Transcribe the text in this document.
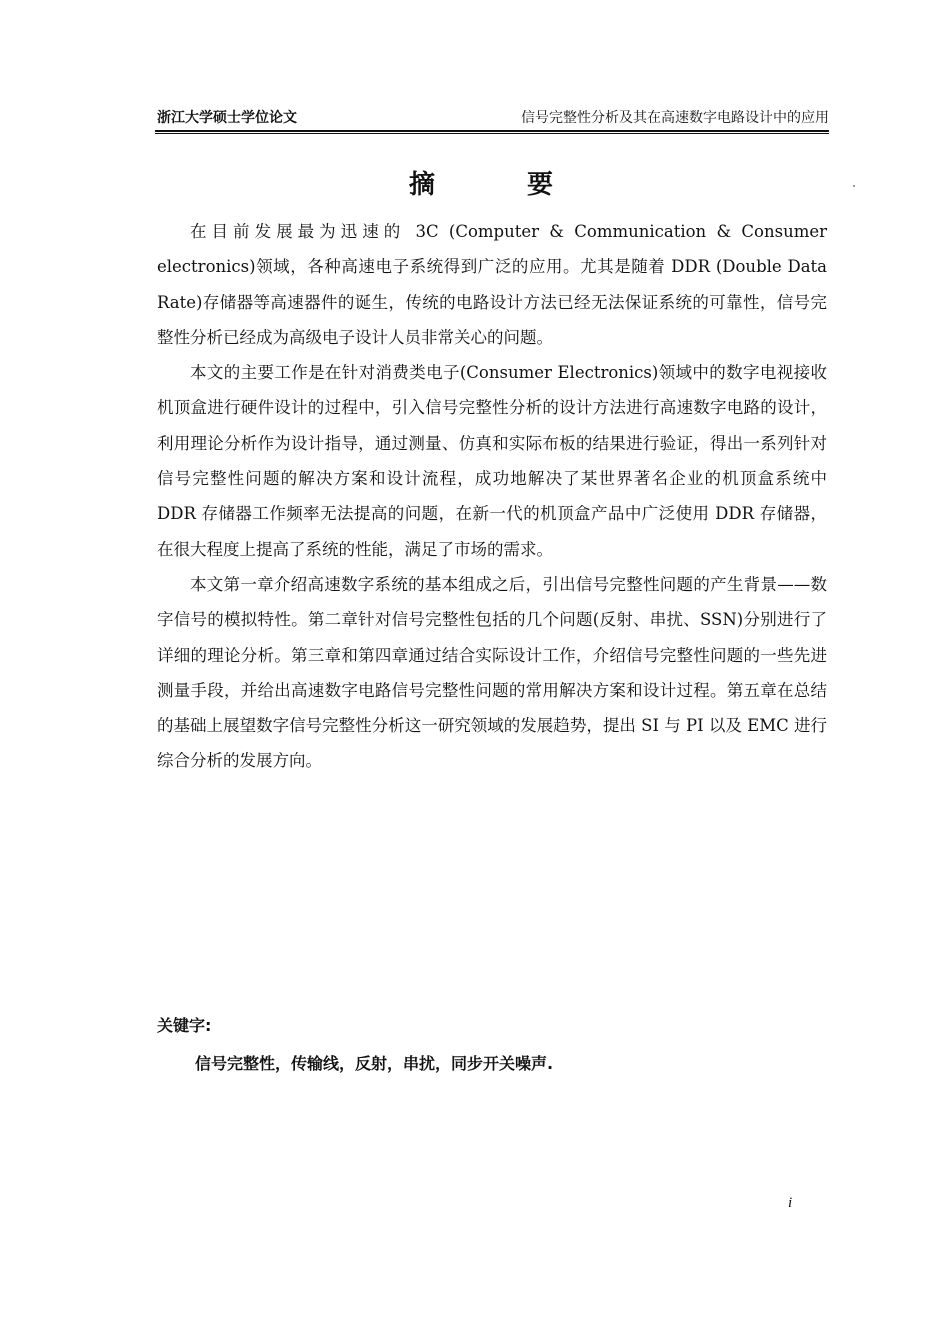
浙江大学硕士学位论文	信号完整性分析及其在高速数字电路设计中的应用
摘	要

在目前发展最为迅速的 3C (Computer & Communication & Consumer electronics)领域，各种高速电子系统得到广泛的应用。尤其是随着 DDR (Double Data Rate)存储器等高速器件的诞生，传统的电路设计方法已经无法保证系统的可靠性，信号完整性分析已经成为高级电子设计人员非常关心的问题。

本文的主要工作是在针对消费类电子(Consumer Electronics)领域中的数字电视接收机顶盒进行硬件设计的过程中，引入信号完整性分析的设计方法进行高速数字电路的设计，利用理论分析作为设计指导，通过测量、仿真和实际布板的结果进行验证，得出一系列针对信号完整性问题的解决方案和设计流程，成功地解决了某世界著名企业的机顶盒系统中 DDR 存储器工作频率无法提高的问题，在新一代的机顶盒产品中广泛使用 DDR 存储器，在很大程度上提高了系统的性能，满足了市场的需求。

本文第一章介绍高速数字系统的基本组成之后，引出信号完整性问题的产生背景——数字信号的模拟特性。第二章针对信号完整性包括的几个问题(反射、串扰、SSN)分别进行了详细的理论分析。第三章和第四章通过结合实际设计工作，介绍信号完整性问题的一些先进测量手段，并给出高速数字电路信号完整性问题的常用解决方案和设计过程。第五章在总结的基础上展望数字信号完整性分析这一研究领域的发展趋势，提出 SI 与 PI 以及 EMC 进行综合分析的发展方向。

关键字:
信号完整性，传输线，反射，串扰，同步开关噪声.
i
